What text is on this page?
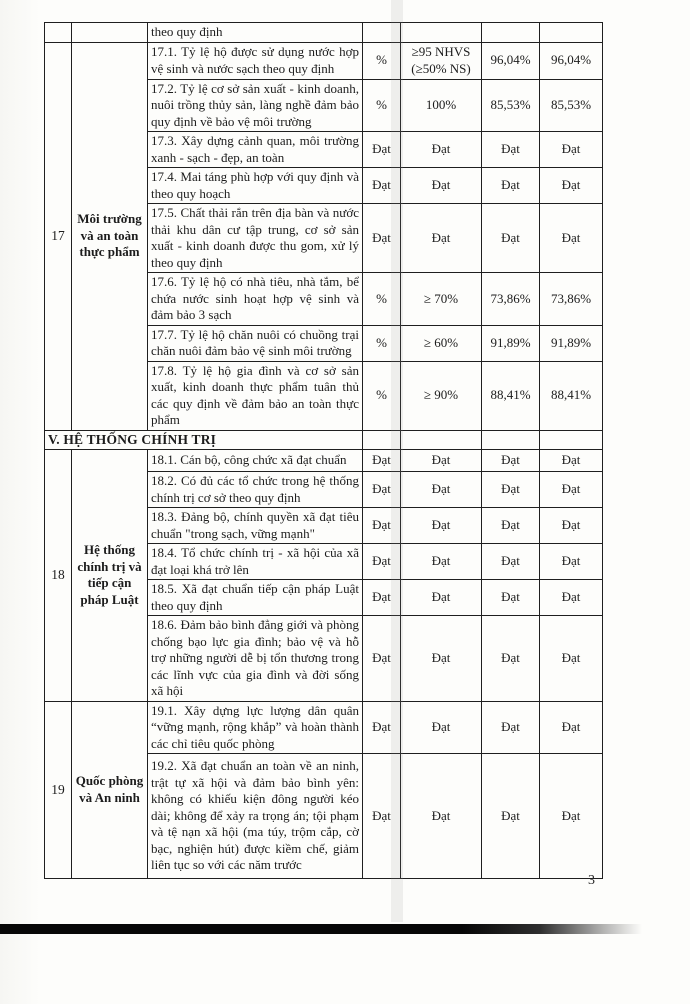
		theo quy định				
17	Môi trường và an toàn thực phẩm	17.1. Tỷ lệ hộ được sử dụng nước hợp vệ sinh và nước sạch theo quy định	%	≥95 NHVS (≥50% NS)	96,04%	96,04%
		17.2. Tỷ lệ cơ sở sản xuất - kinh doanh, nuôi trồng thủy sản, làng nghề đảm bảo quy định về bảo vệ môi trường	%	100%	85,53%	85,53%
		17.3. Xây dựng cảnh quan, môi trường xanh - sạch - đẹp, an toàn	Đạt	Đạt	Đạt	Đạt
		17.4. Mai táng phù hợp với quy định và theo quy hoạch	Đạt	Đạt	Đạt	Đạt
		17.5. Chất thải rắn trên địa bàn và nước thải khu dân cư tập trung, cơ sở sản xuất - kinh doanh được thu gom, xử lý theo quy định	Đạt	Đạt	Đạt	Đạt
		17.6. Tỷ lệ hộ có nhà tiêu, nhà tắm, bể chứa nước sinh hoạt hợp vệ sinh và đảm bảo 3 sạch	%	≥ 70%	73,86%	73,86%
		17.7. Tỷ lệ hộ chăn nuôi có chuồng trại chăn nuôi đảm bảo vệ sinh môi trường	%	≥ 60%	91,89%	91,89%
		17.8. Tỷ lệ hộ gia đình và cơ sở sản xuất, kinh doanh thực phẩm tuân thủ các quy định về đảm bảo an toàn thực phẩm	%	≥ 90%	88,41%	88,41%
V. HỆ THỐNG CHÍNH TRỊ						
18	Hệ thống chính trị và tiếp cận pháp Luật	18.1. Cán bộ, công chức xã đạt chuẩn	Đạt	Đạt	Đạt	Đạt
		18.2. Có đủ các tổ chức trong hệ thống chính trị cơ sở theo quy định	Đạt	Đạt	Đạt	Đạt
		18.3. Đảng bộ, chính quyền xã đạt tiêu chuẩn "trong sạch, vững mạnh"	Đạt	Đạt	Đạt	Đạt
		18.4. Tổ chức chính trị - xã hội của xã đạt loại khá trở lên	Đạt	Đạt	Đạt	Đạt
		18.5. Xã đạt chuẩn tiếp cận pháp Luật theo quy định	Đạt	Đạt	Đạt	Đạt
		18.6. Đảm bảo bình đẳng giới và phòng chống bạo lực gia đình; bảo vệ và hỗ trợ những người dễ bị tổn thương trong các lĩnh vực của gia đình và đời sống xã hội	Đạt	Đạt	Đạt	Đạt
19	Quốc phòng và An ninh	19.1. Xây dựng lực lượng dân quân “vững mạnh, rộng khắp” và hoàn thành các chỉ tiêu quốc phòng	Đạt	Đạt	Đạt	Đạt
		19.2. Xã đạt chuẩn an toàn về an ninh, trật tự xã hội và đảm bảo bình yên: không có khiếu kiện đông người kéo dài; không để xảy ra trọng án; tội phạm và tệ nạn xã hội (ma túy, trộm cắp, cờ bạc, nghiện hút) được kiềm chế, giảm liên tục so với các năm trước	Đạt	Đạt	Đạt	Đạt
3
